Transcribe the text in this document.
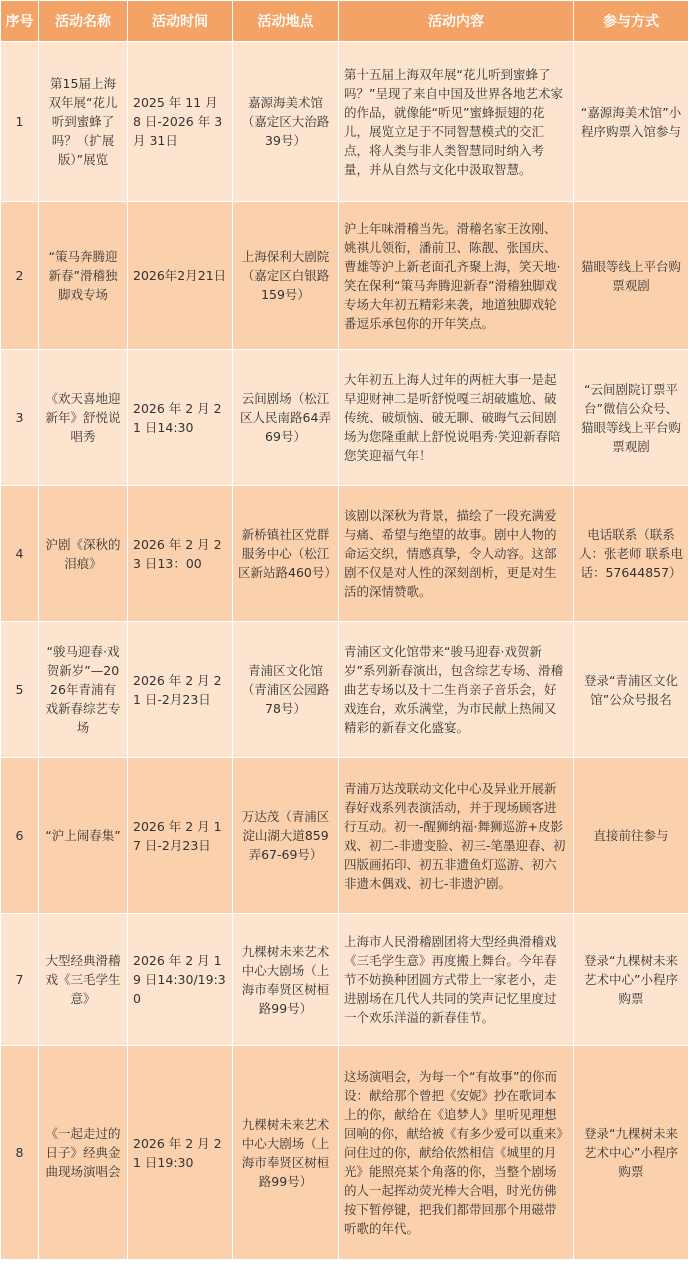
序号	活动名称	活动时间	活动地点	活动内容	参与方式
1	第15届上海双年展“花儿听到蜜蜂了吗？（扩展版）”展览	2025 年 11 月 8 日-2026 年 3 月 31日	嘉源海美术馆（嘉定区大治路39号）	第十五届上海双年展“花儿听到蜜蜂了吗？”呈现了来自中国及世界各地艺术家的作品，就像能“听见”蜜蜂振翅的花儿，展览立足于不同智慧模式的交汇点，将人类与非人类智慧同时纳入考量，并从自然与文化中汲取智慧。	“嘉源海美术馆”小程序购票入馆参与
2	“策马奔腾迎新春”滑稽独脚戏专场	2026年2月21日	上海保利大剧院（嘉定区白银路159号）	沪上年味滑稽当先。滑稽名家王汝刚、姚祺儿领衔，潘前卫、陈靓、张国庆、曹雄等沪上新老面孔齐聚上海，笑天地·笑在保利“策马奔腾迎新春”滑稽独脚戏专场大年初五精彩来袭，地道独脚戏轮番逗乐承包你的开年笑点。	猫眼等线上平台购票观剧
3	《欢天喜地迎新年》舒悦说唱秀	2026 年 2 月 21 日14:30	云间剧场（松江区人民南路64弄69号）	大年初五上海人过年的两桩大事一是起早迎财神二是听舒悦嘎三胡破尴尬、破传统、破烦恼、破无聊、破晦气云间剧场为您隆重献上舒悦说唱秀·笑迎新春陪您笑迎福气年！	“云间剧院订票平台”微信公众号、猫眼等线上平台购票观剧
4	沪剧《深秋的泪痕》	2026 年 2 月 23 日13：00	新桥镇社区党群服务中心（松江区新站路460号）	该剧以深秋为背景，描绘了一段充满爱与痛、希望与绝望的故事。剧中人物的命运交织，情感真挚，令人动容。这部剧不仅是对人性的深刻剖析，更是对生活的深情赞歌。	电话联系（联系人：张老师 联系电话：57644857）
5	“骏马迎春·戏贺新岁”—2026年青浦有戏新春综艺专场	2026 年 2 月 21 日-2月23日	青浦区文化馆（青浦区公园路78号）	青浦区文化馆带来“骏马迎春·戏贺新岁”系列新春演出，包含综艺专场、滑稽曲艺专场以及十二生肖亲子音乐会，好戏连台，欢乐满堂，为市民献上热闹又精彩的新春文化盛宴。	登录“青浦区文化馆”公众号报名
6	“沪上闹春集”	2026 年 2 月 17 日-2月23日	万达茂（青浦区淀山湖大道859弄67-69号）	青浦万达茂联动文化中心及异业开展新春好戏系列表演活动，并于现场顾客进行互动。初一-醒狮纳福·舞狮巡游+皮影戏、初二-非遗变脸、初三-笔墨迎春、初四版画拓印、初五非遗鱼灯巡游、初六非遗木偶戏、初七-非遗沪剧。	直接前往参与
7	大型经典滑稽戏《三毛学生意》	2026 年 2 月 19 日14:30/19:30	九棵树未来艺术中心大剧场（上海市奉贤区树桓路99号）	上海市人民滑稽剧团将大型经典滑稽戏《三毛学生意》再度搬上舞台。今年春节不妨换种团圆方式带上一家老小，走进剧场在几代人共同的笑声记忆里度过一个欢乐洋溢的新春佳节。	登录“九棵树未来艺术中心”小程序购票
8	《一起走过的日子》经典金曲现场演唱会	2026 年 2 月 21 日19:30	九棵树未来艺术中心大剧场（上海市奉贤区树桓路99号）	这场演唱会，为每一个“有故事”的你而设：献给那个曾把《安妮》抄在歌词本上的你，献给在《追梦人》里听见理想回响的你，献给被《有多少爱可以重来》问住过的你，献给依然相信《城里的月光》能照亮某个角落的你，当整个剧场的人一起挥动荧光棒大合唱，时光仿佛按下暂停键，把我们都带回那个用磁带听歌的年代。	登录“九棵树未来艺术中心”小程序购票
